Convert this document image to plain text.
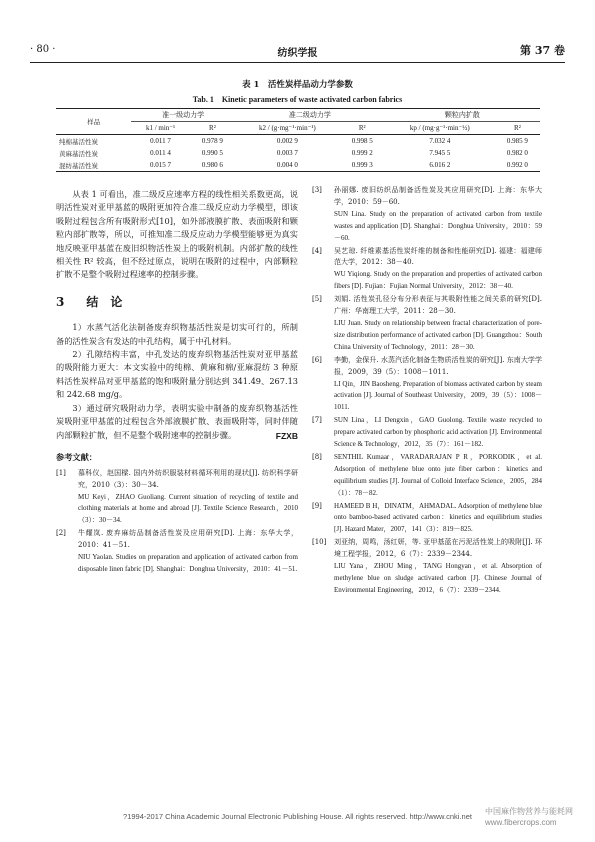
· 80 ·	纺织学报	第 37 卷
表 1　活性炭样品动力学参数
Tab. 1　Kinetic parameters of waste activated carbon fabrics
样品	准一级动力学		准二级动力学		颗粒内扩散	
	k1 / min⁻¹	R²	k2 / (g·mg⁻¹·min⁻¹)	R²	kp / (mg·g⁻¹·min⁻½)	R²
纯棉基活性炭	0.011 7	0.978 9	0.002 9	0.998 5	7.032 4	0.985 9
黄麻基活性炭	0.011 4	0.990 5	0.003 7	0.999 2	7.945 5	0.982 0
混纺基活性炭	0.015 7	0.980 6	0.004 0	0.999 3	6.016 2	0.992 0

从表 1 可看出，准二级反应速率方程的线性相关系数更高，说明活性炭对亚甲基蓝的吸附更加符合准二级反应动力学模型，即该吸附过程包含所有吸附形式[10]，如外部液膜扩散、表面吸附和颗粒内部扩散等，所以，可推知准二级反应动力学模型能够更为真实地反映亚甲基蓝在废旧织物活性炭上的吸附机制。内部扩散的线性相关性 R² 较高，但不经过原点，说明在吸附的过程中，内部颗粒扩散不是整个吸附过程速率的控制步骤。

3 结　论

1）水蒸气活化法制备废弃织物基活性炭是切实可行的，所制备的活性炭含有发达的中孔结构，属于中孔材料。

2）孔隙结构丰富，中孔发达的废弃织物基活性炭对亚甲基蓝的吸附能力更大：本文实验中的纯棉、黄麻和棉/亚麻混纺 3 种原料活性炭样品对亚甲基蓝的饱和吸附量分别达到 341.49、267.13 和 242.68 mg/g。

3）通过研究吸附动力学，表明实验中制备的废弃织物基活性炭吸附亚甲基蓝的过程包含外部液膜扩散、表面吸附等，同时伴随内部颗粒扩散，但不是整个吸附速率的控制步骤。	FZXB
参考文献：
[1]	慕科仪，赵国樑. 国内外纺织服装材料循环利用的现状[J]. 纺织科学研究，2010（3）：30－34.
MU Keyi，ZHAO Guoliang. Current situation of recycling of textile and clothing materials at home and abroad [J]. Textile Science Research，2010（3）：30－34.
[2]	牛耀岚. 废弃麻纺品制备活性炭及应用研究[D]. 上海：东华大学，2010：41－51.
NIU Yaolan. Studies on preparation and application of activated carbon from disposable linen fabric [D]. Shanghai：Donghua University，2010：41－51.
[3]	孙丽娜. 废旧纺织品制备活性炭及其应用研究[D]. 上海：东华大学，2010：59－60.
SUN Lina. Study on the preparation of activated carbon from textile wastes and application [D]. Shanghai：Donghua University，2010：59－60.
[4]	吴艺琼. 纤维素基活性炭纤维的制备和性能研究[D]. 福建：福建师范大学，2012：38－40.
WU Yiqiong. Study on the preparation and properties of activated carbon fibers [D]. Fujian：Fujian Normal University，2012：38－40.
[5]	刘娟. 活性炭孔径分布分形表征与其吸附性能之间关系的研究[D]. 广州：华南理工大学，2011：28－30.
LIU Juan. Study on relationship between fractal characterization of pore-size distribution performance of activated carbon [D]. Guangzhou：South China University of Technology，2011：28－30.
[6]	李勤，金保升. 水蒸汽活化制备生物质活性炭的研究[J]. 东南大学学报，2009，39（5）：1008－1011.
LI Qin，JIN Baosheng. Preparation of biomass activated carbon by steam activation [J]. Journal of Southeast University，2009，39（5）：1008－1011.
[7]	SUN Lina，LI Dengxin，GAO Guolong. Textile waste recycled to prepare activated carbon by phosphoric acid activation [J]. Environmental Science & Technology，2012，35（7）：161－182.
[8]	SENTHIL Kumaar，VARADARAJAN P R，PORKODIK，et al. Adsorption of methylene blue onto jute fiber carbon：kinetics and equilibrium studies [J]. Journal of Colloid Interface Science，2005，284（1）：78－82.
[9]	HAMEED B H，DINATM，AHMADAL. Adsorption of methylene blue onto bamboo-based activated carbon：kinetics and equilibrium studies [J]. Hazard Mater，2007，141（3）：819－825.
[10]	刘亚纳，周鸣，汤红妍，等. 亚甲基蓝在污泥活性炭上的吸附[J]. 环境工程学报，2012，6（7）：2339－2344.
LIU Yana，ZHOU Ming，TANG Hongyan，et al. Absorption of methylene blue on sludge activated carbon [J]. Chinese Journal of Environmental Engineering，2012，6（7）：2339－2344.
?1994-2017 China Academic Journal Electronic Publishing House. All rights reserved. http://www.cnki.net
中国麻作物营养与能耗网
www.fibercrops.com
